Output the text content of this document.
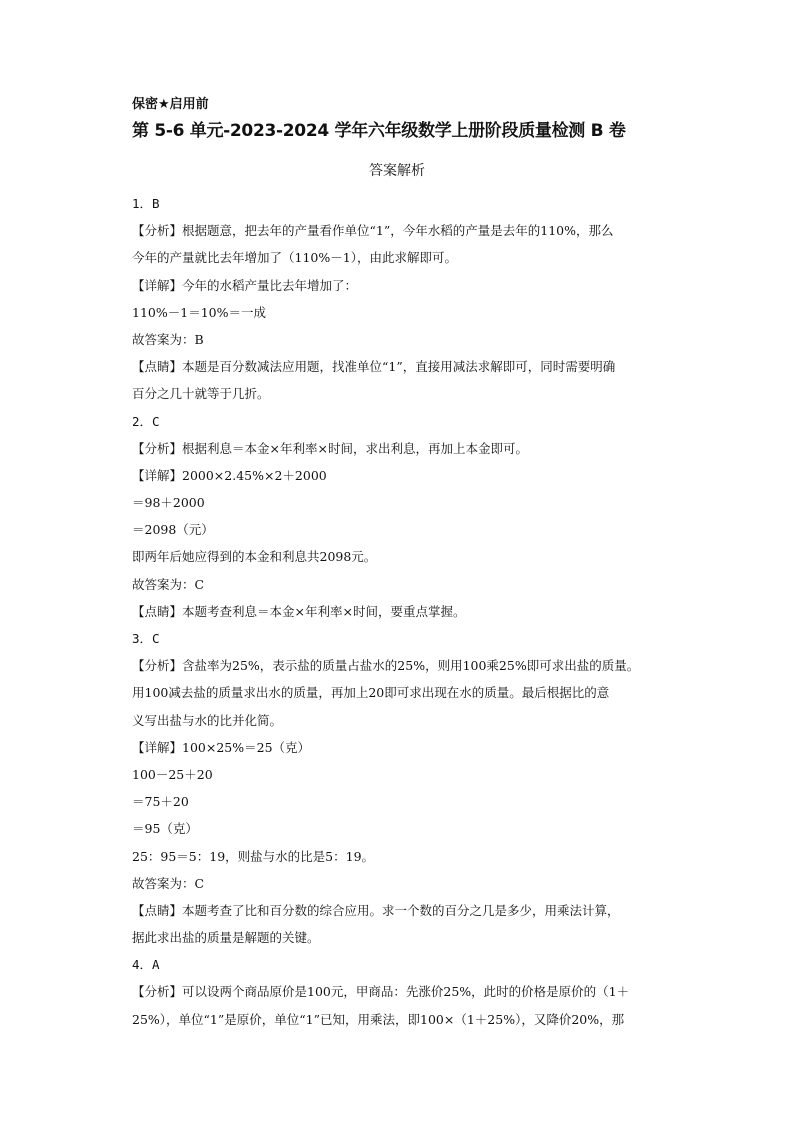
保密★启用前
第 5-6 单元-2023-2024 学年六年级数学上册阶段质量检测 B 卷
答案解析
1．B
【分析】根据题意，把去年的产量看作单位“1”，今年水稻的产量是去年的110%，那么
今年的产量就比去年增加了（110%－1），由此求解即可。
【详解】今年的水稻产量比去年增加了：
110%－1＝10%＝一成
故答案为：B
【点睛】本题是百分数减法应用题，找准单位“1”，直接用减法求解即可，同时需要明确
百分之几十就等于几折。
2．C
【分析】根据利息＝本金×年利率×时间，求出利息，再加上本金即可。
【详解】2000×2.45%×2＋2000
＝98＋2000
＝2098（元）
即两年后她应得到的本金和利息共2098元。
故答案为：C
【点睛】本题考查利息＝本金×年利率×时间，要重点掌握。
3．C
【分析】含盐率为25%，表示盐的质量占盐水的25%，则用100乘25%即可求出盐的质量。
用100减去盐的质量求出水的质量，再加上20即可求出现在水的质量。最后根据比的意
义写出盐与水的比并化简。
【详解】100×25%＝25（克）
100－25＋20
＝75＋20
＝95（克）
25：95＝5：19，则盐与水的比是5：19。
故答案为：C
【点睛】本题考查了比和百分数的综合应用。求一个数的百分之几是多少，用乘法计算，
据此求出盐的质量是解题的关键。
4．A
【分析】可以设两个商品原价是100元，甲商品：先涨价25%，此时的价格是原价的（1＋
25%），单位“1”是原价，单位“1”已知，用乘法，即100×（1＋25%），又降价20%，那
